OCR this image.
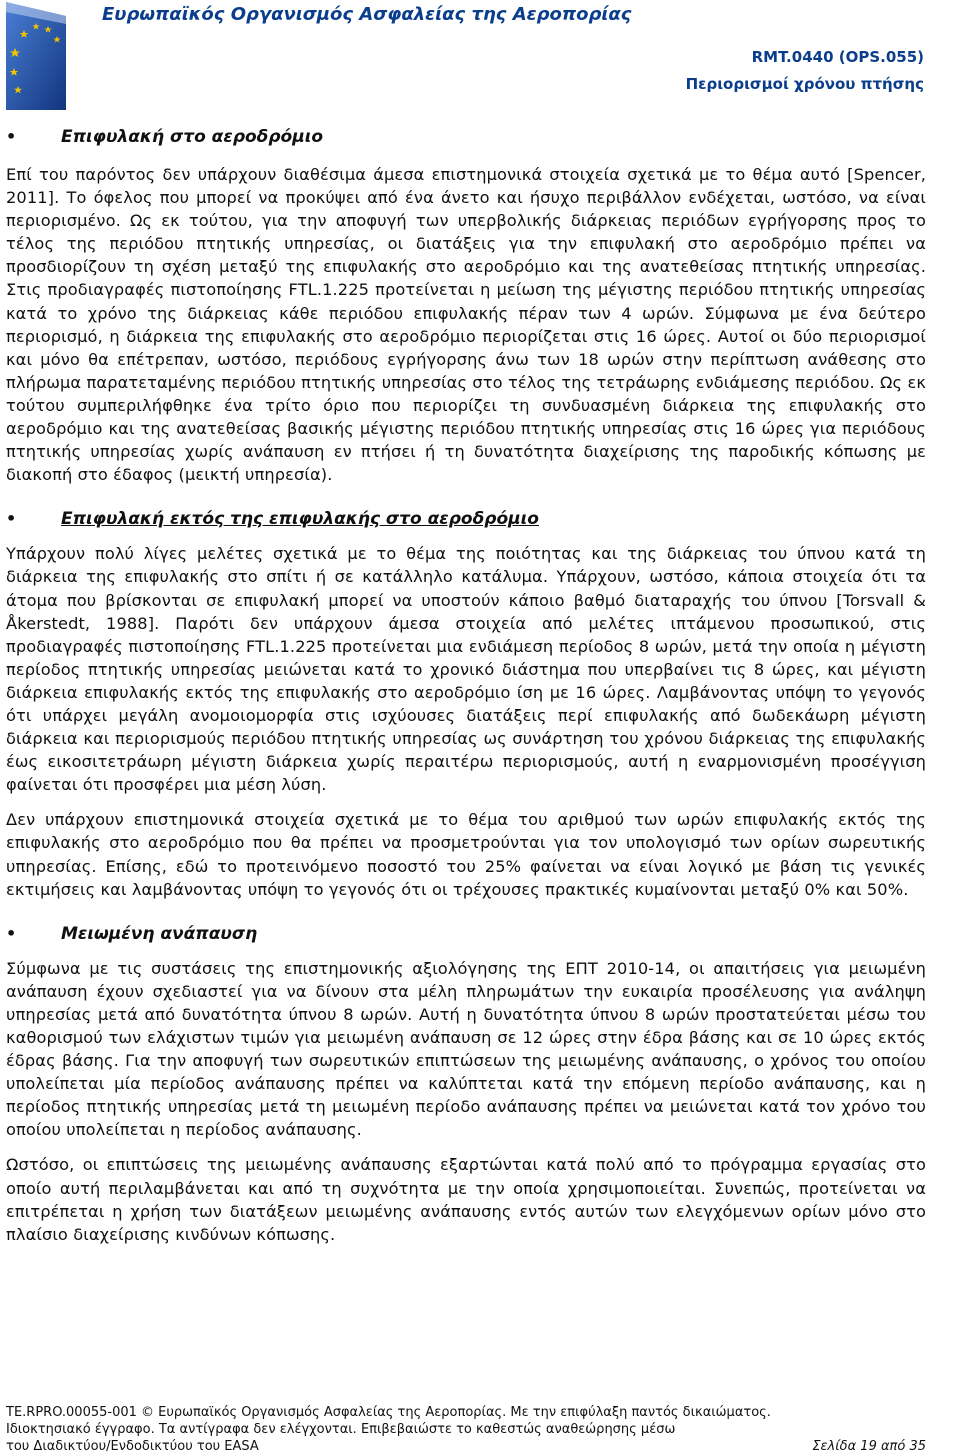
Ευρωπαϊκός Οργανισμός Ασφαλείας της Αεροπορίας
RMT.0440 (OPS.055)
Περιορισμοί χρόνου πτήσης
•	Επιφυλακή στο αεροδρόμιο

Επί του παρόντος δεν υπάρχουν διαθέσιμα άμεσα επιστημονικά στοιχεία σχετικά με το θέμα αυτό [Spencer, 2011]. Το όφελος που μπορεί να προκύψει από ένα άνετο και ήσυχο περιβάλλον ενδέχεται, ωστόσο, να είναι περιορισμένο. Ως εκ τούτου, για την αποφυγή των υπερβολικής διάρκειας περιόδων εγρήγορσης προς το τέλος της περιόδου πτητικής υπηρεσίας, οι διατάξεις για την επιφυλακή στο αεροδρόμιο πρέπει να προσδιορίζουν τη σχέση μεταξύ της επιφυλακής στο αεροδρόμιο και της ανατεθείσας πτητικής υπηρεσίας. Στις προδιαγραφές πιστοποίησης FTL.1.225 προτείνεται η μείωση της μέγιστης περιόδου πτητικής υπηρεσίας κατά το χρόνο της διάρκειας κάθε περιόδου επιφυλακής πέραν των 4 ωρών. Σύμφωνα με ένα δεύτερο περιορισμό, η διάρκεια της επιφυλακής στο αεροδρόμιο περιορίζεται στις 16 ώρες. Αυτοί οι δύο περιορισμοί και μόνο θα επέτρεπαν, ωστόσο, περιόδους εγρήγορσης άνω των 18 ωρών στην περίπτωση ανάθεσης στο πλήρωμα παρατεταμένης περιόδου πτητικής υπηρεσίας στο τέλος της τετράωρης ενδιάμεσης περιόδου. Ως εκ τούτου συμπεριλήφθηκε ένα τρίτο όριο που περιορίζει τη συνδυασμένη διάρκεια της επιφυλακής στο αεροδρόμιο και της ανατεθείσας βασικής μέγιστης περιόδου πτητικής υπηρεσίας στις 16 ώρες για περιόδους πτητικής υπηρεσίας χωρίς ανάπαυση εν πτήσει ή τη δυνατότητα διαχείρισης της παροδικής κόπωσης με διακοπή στο έδαφος (μεικτή υπηρεσία).

•	Επιφυλακή εκτός της επιφυλακής στο αεροδρόμιο

Υπάρχουν πολύ λίγες μελέτες σχετικά με το θέμα της ποιότητας και της διάρκειας του ύπνου κατά τη διάρκεια της επιφυλακής στο σπίτι ή σε κατάλληλο κατάλυμα. Υπάρχουν, ωστόσο, κάποια στοιχεία ότι τα άτομα που βρίσκονται σε επιφυλακή μπορεί να υποστούν κάποιο βαθμό διαταραχής του ύπνου [Torsvall & Åkerstedt, 1988]. Παρότι δεν υπάρχουν άμεσα στοιχεία από μελέτες ιπτάμενου προσωπικού, στις προδιαγραφές πιστοποίησης FTL.1.225 προτείνεται μια ενδιάμεση περίοδος 8 ωρών, μετά την οποία η μέγιστη περίοδος πτητικής υπηρεσίας μειώνεται κατά το χρονικό διάστημα που υπερβαίνει τις 8 ώρες, και μέγιστη διάρκεια επιφυλακής εκτός της επιφυλακής στο αεροδρόμιο ίση με 16 ώρες. Λαμβάνοντας υπόψη το γεγονός ότι υπάρχει μεγάλη ανομοιομορφία στις ισχύουσες διατάξεις περί επιφυλακής από δωδεκάωρη μέγιστη διάρκεια και περιορισμούς περιόδου πτητικής υπηρεσίας ως συνάρτηση του χρόνου διάρκειας της επιφυλακής έως εικοσιτετράωρη μέγιστη διάρκεια χωρίς περαιτέρω περιορισμούς, αυτή η εναρμονισμένη προσέγγιση φαίνεται ότι προσφέρει μια μέση λύση.

Δεν υπάρχουν επιστημονικά στοιχεία σχετικά με το θέμα του αριθμού των ωρών επιφυλακής εκτός της επιφυλακής στο αεροδρόμιο που θα πρέπει να προσμετρούνται για τον υπολογισμό των ορίων σωρευτικής υπηρεσίας. Επίσης, εδώ το προτεινόμενο ποσοστό του 25% φαίνεται να είναι λογικό με βάση τις γενικές εκτιμήσεις και λαμβάνοντας υπόψη το γεγονός ότι οι τρέχουσες πρακτικές κυμαίνονται μεταξύ 0% και 50%.

•	Μειωμένη ανάπαυση

Σύμφωνα με τις συστάσεις της επιστημονικής αξιολόγησης της ΕΠΤ 2010-14, οι απαιτήσεις για μειωμένη ανάπαυση έχουν σχεδιαστεί για να δίνουν στα μέλη πληρωμάτων την ευκαιρία προσέλευσης για ανάληψη υπηρεσίας μετά από δυνατότητα ύπνου 8 ωρών. Αυτή η δυνατότητα ύπνου 8 ωρών προστατεύεται μέσω του καθορισμού των ελάχιστων τιμών για μειωμένη ανάπαυση σε 12 ώρες στην έδρα βάσης και σε 10 ώρες εκτός έδρας βάσης. Για την αποφυγή των σωρευτικών επιπτώσεων της μειωμένης ανάπαυσης, ο χρόνος του οποίου υπολείπεται μία περίοδος ανάπαυσης πρέπει να καλύπτεται κατά την επόμενη περίοδο ανάπαυσης, και η περίοδος πτητικής υπηρεσίας μετά τη μειωμένη περίοδο ανάπαυσης πρέπει να μειώνεται κατά τον χρόνο του οποίου υπολείπεται η περίοδος ανάπαυσης.

Ωστόσο, οι επιπτώσεις της μειωμένης ανάπαυσης εξαρτώνται κατά πολύ από το πρόγραμμα εργασίας στο οποίο αυτή περιλαμβάνεται και από τη συχνότητα με την οποία χρησιμοποιείται. Συνεπώς, προτείνεται να επιτρέπεται η χρήση των διατάξεων μειωμένης ανάπαυσης εντός αυτών των ελεγχόμενων ορίων μόνο στο πλαίσιο διαχείρισης κινδύνων κόπωσης.

TE.RPRO.00055-001 © Ευρωπαϊκός Οργανισμός Ασφαλείας της Αεροπορίας. Με την επιφύλαξη παντός δικαιώματος.
Ιδιοκτησιακό έγγραφο. Τα αντίγραφα δεν ελέγχονται. Επιβεβαιώστε το καθεστώς αναθεώρησης μέσω
του Διαδικτύου/Ενδοδικτύου του EASA	Σελίδα 19 από 35
